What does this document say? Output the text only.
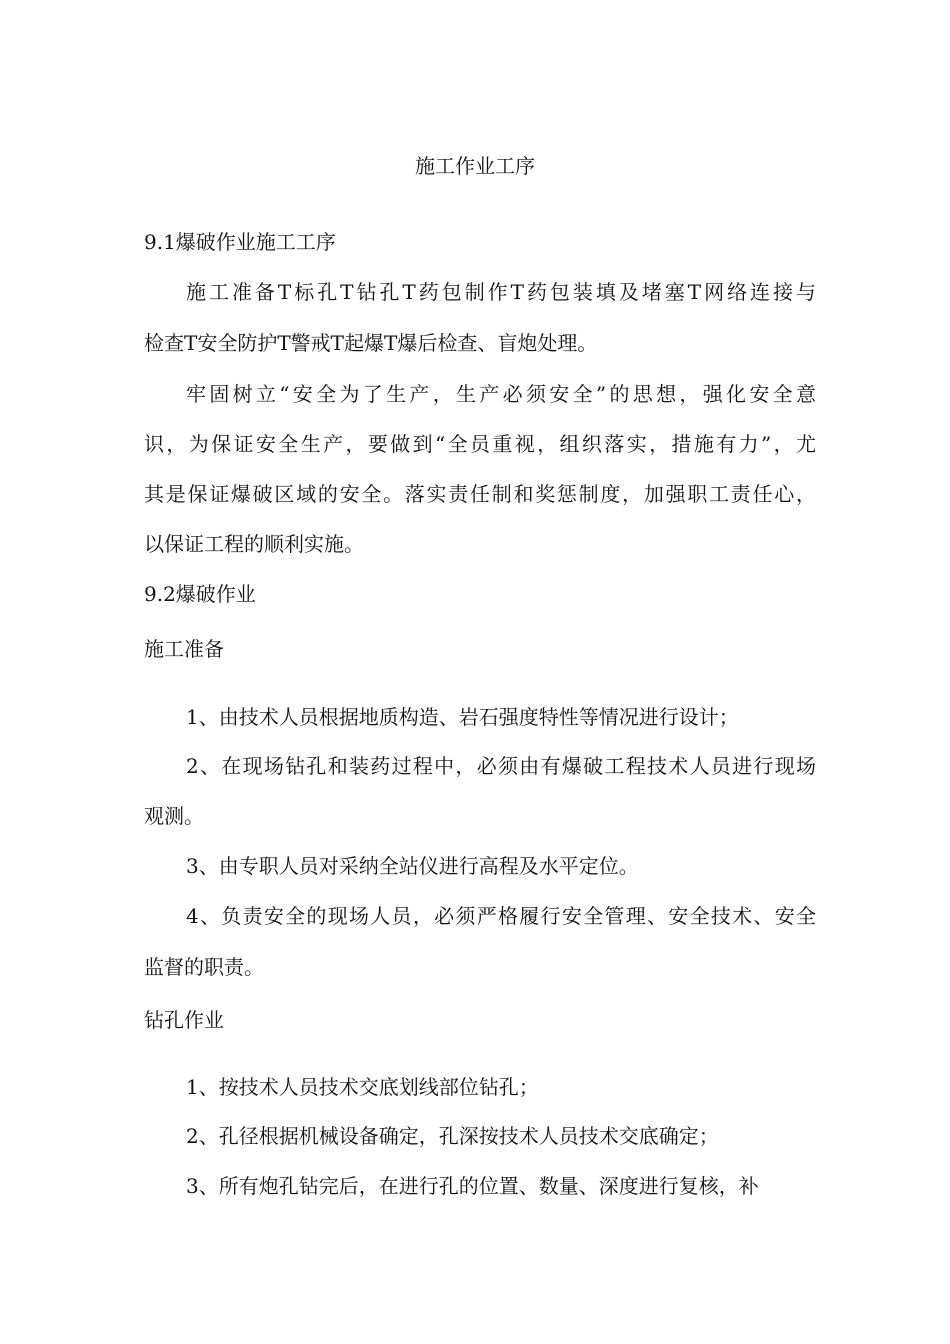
施工作业工序
9.1爆破作业施工工序
施工准备T标孔T钻孔T药包制作T药包装填及堵塞T网络连接与
检查T安全防护T警戒T起爆T爆后检查、盲炮处理。
牢固树立“安全为了生产，生产必须安全”的思想，强化安全意
识，为保证安全生产，要做到“全员重视，组织落实，措施有力”，尤
其是保证爆破区域的安全。落实责任制和奖惩制度，加强职工责任心，
以保证工程的顺利实施。
9.2爆破作业
施工准备
1、由技术人员根据地质构造、岩石强度特性等情况进行设计；
2、在现场钻孔和装药过程中，必须由有爆破工程技术人员进行现场
观测。
3、由专职人员对采纳全站仪进行高程及水平定位。
4、负责安全的现场人员，必须严格履行安全管理、安全技术、安全
监督的职责。
钻孔作业
1、按技术人员技术交底划线部位钻孔；
2、孔径根据机械设备确定，孔深按技术人员技术交底确定；
3、所有炮孔钻完后，在进行孔的位置、数量、深度进行复核，补
